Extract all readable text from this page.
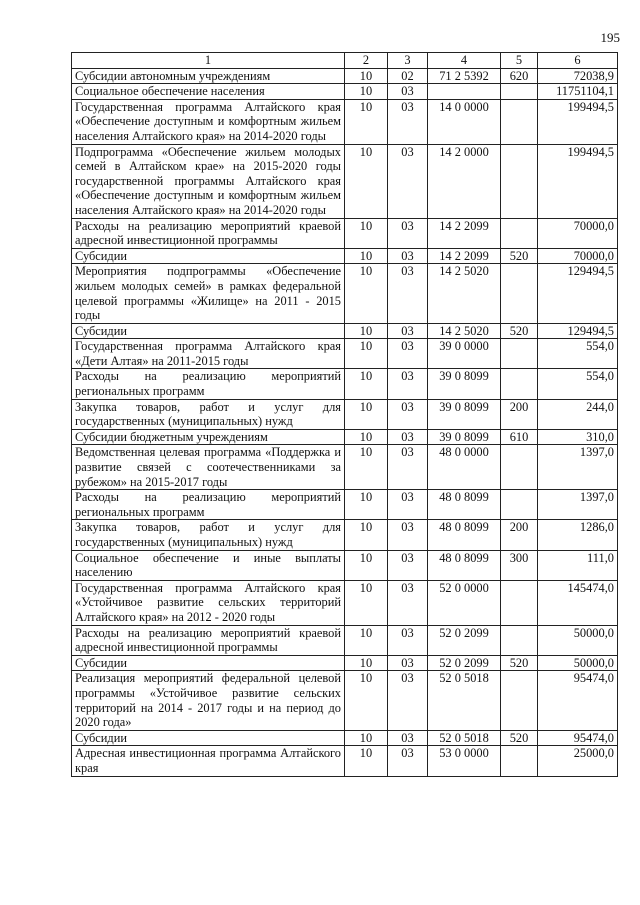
195
1	2	3	4	5	6
Субсидии автономным учреждениям	10	02	71 2 5392	620	72038,9
Социальное обеспечение населения	10	03			11751104,1
Государственная программа Алтайского края «Обеспечение доступным и комфортным жильем населения Алтайского края» на 2014-2020 годы	10	03	14 0 0000		199494,5
Подпрограмма «Обеспечение жильем молодых семей в Алтайском крае» на 2015-2020 годы государственной программы Алтайского края «Обеспечение доступным и комфортным жильем населения Алтайского края» на 2014-2020 годы	10	03	14 2 0000		199494,5
Расходы на реализацию мероприятий краевой адресной инвестиционной программы	10	03	14 2 2099		70000,0
Субсидии	10	03	14 2 2099	520	70000,0
Мероприятия подпрограммы «Обеспечение жильем молодых семей» в рамках федеральной целевой программы «Жилище» на 2011 - 2015 годы	10	03	14 2 5020		129494,5
Субсидии	10	03	14 2 5020	520	129494,5
Государственная программа Алтайского края «Дети Алтая» на 2011-2015 годы	10	03	39 0 0000		554,0
Расходы на реализацию мероприятий региональных программ	10	03	39 0 8099		554,0
Закупка товаров, работ и услуг для государственных (муниципальных) нужд	10	03	39 0 8099	200	244,0
Субсидии бюджетным учреждениям	10	03	39 0 8099	610	310,0
Ведомственная целевая программа «Поддержка и развитие связей с соотечественниками за рубежом» на 2015-2017 годы	10	03	48 0 0000		1397,0
Расходы на реализацию мероприятий региональных программ	10	03	48 0 8099		1397,0
Закупка товаров, работ и услуг для государственных (муниципальных) нужд	10	03	48 0 8099	200	1286,0
Социальное обеспечение и иные выплаты населению	10	03	48 0 8099	300	111,0
Государственная программа Алтайского края «Устойчивое развитие сельских территорий Алтайского края» на 2012 - 2020 годы	10	03	52 0 0000		145474,0
Расходы на реализацию мероприятий краевой адресной инвестиционной программы	10	03	52 0 2099		50000,0
Субсидии	10	03	52 0 2099	520	50000,0
Реализация мероприятий федеральной целевой программы «Устойчивое развитие сельских территорий на 2014 - 2017 годы и на период до 2020 года»	10	03	52 0 5018		95474,0
Субсидии	10	03	52 0 5018	520	95474,0
Адресная инвестиционная программа Алтайского края	10	03	53 0 0000		25000,0
